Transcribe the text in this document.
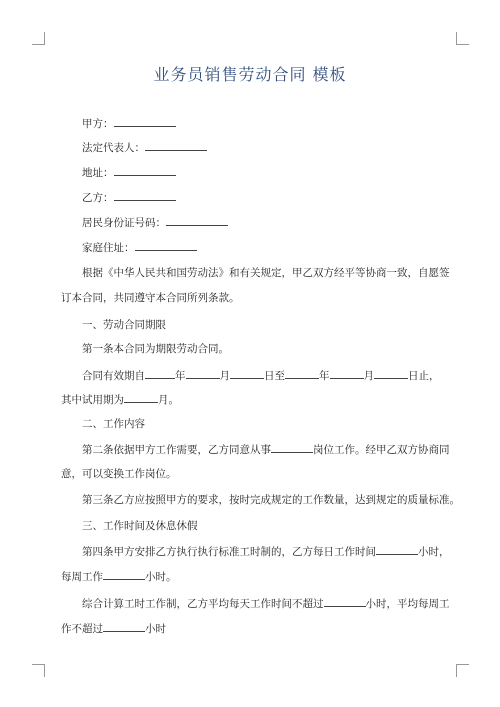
业务员销售劳动合同 模板
甲方：
法定代表人：
地址：
乙方：
居民身份证号码：
家庭住址：
根据《中华人民共和国劳动法》和有关规定，甲乙双方经平等协商一致，自愿签
订本合同，共同遵守本合同所列条款。
一、劳动合同期限
第一条本合同为期限劳动合同。
合同有效期自	年	月	日至	年	月	日止，
其中试用期为	月。
二、工作内容
第二条依据甲方工作需要，乙方同意从事	岗位工作。经甲乙双方协商同
意，可以变换工作岗位。
第三条乙方应按照甲方的要求，按时完成规定的工作数量，达到规定的质量标准。
三、工作时间及休息休假
第四条甲方安排乙方执行执行标准工时制的，乙方每日工作时间	小时，
每周工作	小时。
综合计算工时工作制，乙方平均每天工作时间不超过	小时，平均每周工
作不超过	小时
